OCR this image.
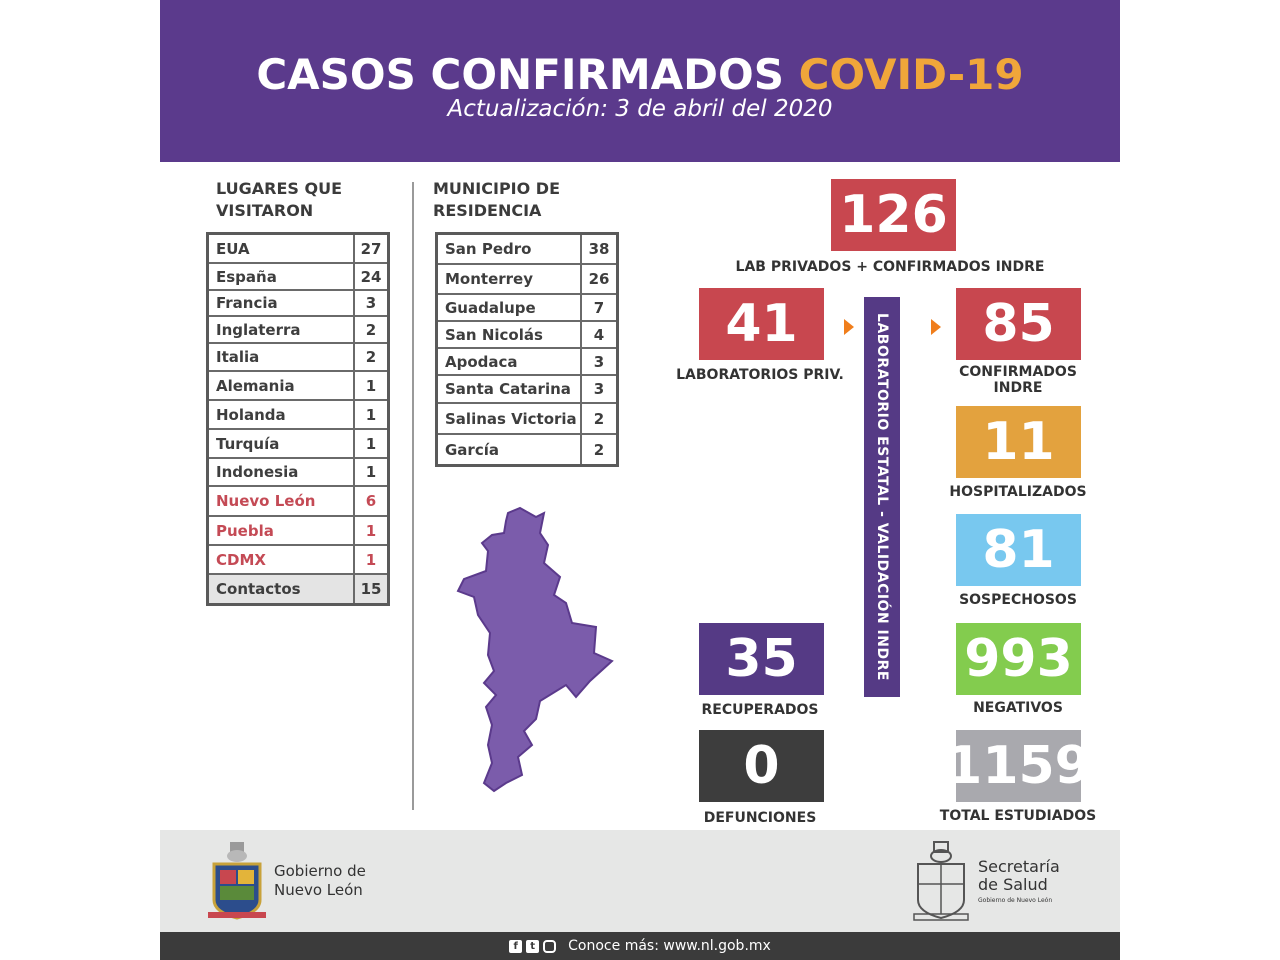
CASOS CONFIRMADOS COVID-19
Actualización: 3 de abril del 2020
LUGARES QUE VISITARON
EUA	27
España	24
Francia	3
Inglaterra	2
Italia	2
Alemania	1
Holanda	1
Turquía	1
Indonesia	1
Nuevo León	6
Puebla	1
CDMX	1
Contactos	15
MUNICIPIO DE RESIDENCIA
San Pedro	38
Monterrey	26
Guadalupe	7
San Nicolás	4
Apodaca	3
Santa Catarina	3
Salinas Victoria	2
García	2
126
LAB PRIVADOS + CONFIRMADOS INDRE
41
LABORATORIOS PRIV.	LABORATORIO ESTATAL - VALIDACIÓN INDRE	85
CONFIRMADOS
INDRE
11
HOSPITALIZADOS
81
SOSPECHOSOS
993
NEGATIVOS
1159
TOTAL ESTUDIADOS
35
RECUPERADOS
0
DEFUNCIONES
Gobierno de
Nuevo León
Secretaría
de Salud
Gobierno de Nuevo León
f	t Conoce más: www.nl.gob.mx
